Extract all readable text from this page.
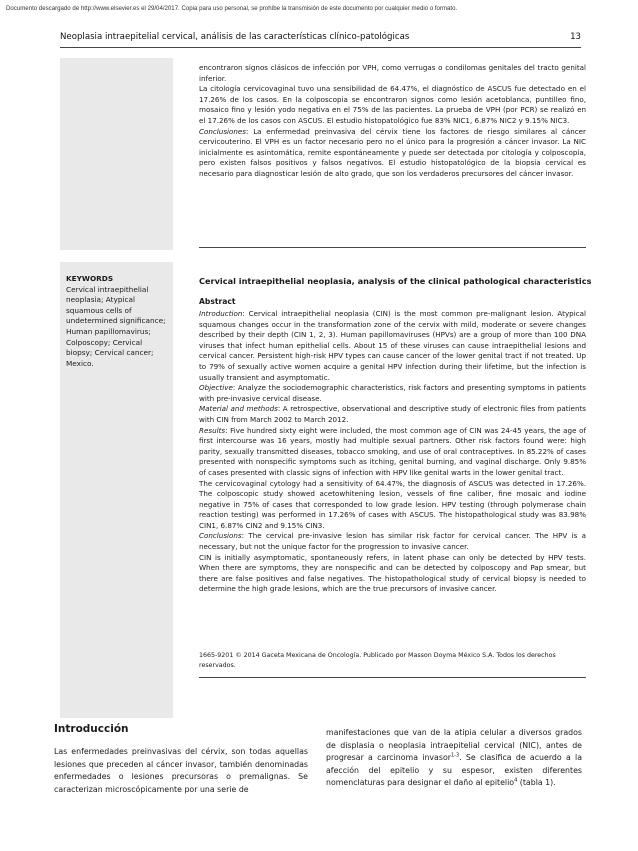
Documento descargado de http://www.elsevier.es el 29/04/2017. Copia para uso personal, se prohíbe la transmisión de este documento por cualquier medio o formato.
Neoplasia intraepitelial cervical, análisis de las características clínico-patológicas	13

encontraron signos clásicos de infección por VPH, como verrugas o condilomas genitales del tracto genital inferior.

La citología cervicovaginal tuvo una sensibilidad de 64.47%, el diagnóstico de ASCUS fue detectado en el 17.26% de los casos. En la colposcopia se encontraron signos como lesión acetoblanca, puntilleo fino, mosaico fino y lesión yodo negativa en el 75% de las pacientes. La prueba de VPH (por PCR) se realizó en el 17.26% de los casos con ASCUS. El estudio histopatológico fue 83% NIC1, 6.87% NIC2 y 9.15% NIC3.

Conclusiones: La enfermedad preinvasiva del cérvix tiene los factores de riesgo similares al cáncer cervicouterino. El VPH es un factor necesario pero no el único para la progresión a cáncer invasor. La NIC inicialmente es asintomática, remite espontáneamente y puede ser detectada por citología y colposcopia, pero existen falsos positivos y falsos negativos. El estudio histopatológico de la biopsia cervical es necesario para diagnosticar lesión de alto grado, que son los verdaderos precursores del cáncer invasor.

KEYWORDS
Cervical intraepithelial neoplasia; Atypical squamous cells of undetermined significance; Human papillomavirus; Colposcopy; Cervical biopsy; Cervical cancer; Mexico.
Cervical intraepithelial neoplasia, analysis of the clinical pathological characteristics
Abstract

Introduction: Cervical intraepithelial neoplasia (CIN) is the most common pre-malignant lesion. Atypical squamous changes occur in the transformation zone of the cervix with mild, moderate or severe changes described by their depth (CIN 1, 2, 3). Human papillomaviruses (HPVs) are a group of more than 100 DNA viruses that infect human epithelial cells. About 15 of these viruses can cause intraepithelial lesions and cervical cancer. Persistent high-risk HPV types can cause cancer of the lower genital tract if not treated. Up to 79% of sexually active women acquire a genital HPV infection during their lifetime, but the infection is usually transient and asymptomatic.

Objective: Analyze the sociodemographic characteristics, risk factors and presenting symptoms in patients with pre-invasive cervical disease.

Material and methods: A retrospective, observational and descriptive study of electronic files from patients with CIN from March 2002 to March 2012.

Results: Five hundred sixty eight were included, the most common age of CIN was 24-45 years, the age of first intercourse was 16 years, mostly had multiple sexual partners. Other risk factors found were: high parity, sexually transmitted diseases, tobacco smoking, and use of oral contraceptives. In 85.22% of cases presented with nonspecific symptoms such as itching, genital burning, and vaginal discharge. Only 9.85% of cases presented with classic signs of infection with HPV like genital warts in the lower genital tract.

The cervicovaginal cytology had a sensitivity of 64.47%, the diagnosis of ASCUS was detected in 17.26%. The colposcopic study showed acetowhitening lesion, vessels of fine caliber, fine mosaic and iodine negative in 75% of cases that corresponded to low grade lesion. HPV testing (through polymerase chain reaction testing) was performed in 17.26% of cases with ASCUS. The histopathological study was 83.98% CIN1, 6.87% CIN2 and 9.15% CIN3.

Conclusions: The cervical pre-invasive lesion has similar risk factor for cervical cancer. The HPV is a necessary, but not the unique factor for the progression to invasive cancer.

CIN is initially asymptomatic, spontaneously refers, in latent phase can only be detected by HPV tests. When there are symptoms, they are nonspecific and can be detected by colposcopy and Pap smear, but there are false positives and false negatives. The histopathological study of cervical biopsy is needed to determine the high grade lesions, which are the true precursors of invasive cancer.

1665-9201 © 2014 Gaceta Mexicana de Oncología. Publicado por Masson Doyma México S.A. Todos los derechos reservados.
Introducción

Las enfermedades preinvasivas del cérvix, son todas aquellas lesiones que preceden al cáncer invasor, también denominadas enfermedades o lesiones precursoras o premalignas. Se caracterizan microscópicamente por una serie de

manifestaciones que van de la atipia celular a diversos grados de displasia o neoplasia intraepitelial cervical (NIC), antes de progresar a carcinoma invasor$^{1-3}$. Se clasifica de acuerdo a la afección del epitelio y su espesor, existen diferentes nomenclaturas para designar el daño al epitelio$^4$ (tabla 1).
